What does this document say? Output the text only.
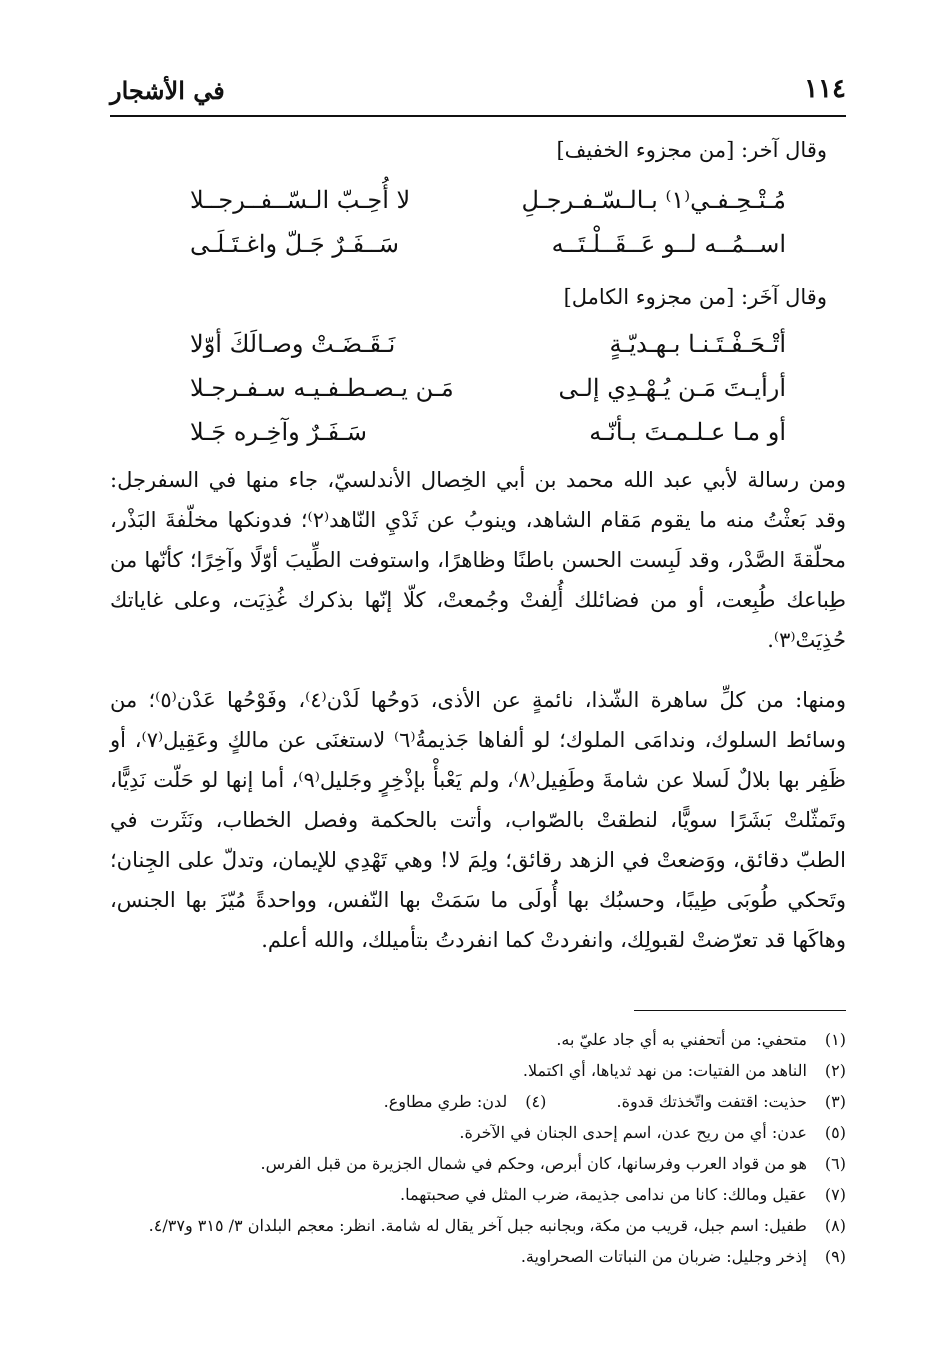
١١٤
في الأشجار
وقال آخر: [من مجزوء الخفيف]
مُـتْـحِـفـي⁽١⁾ بـالـسّـفـرجـلِ
لا أُحِـبّ الـسّــفــرجــلا
اســمُــه لــو عَــقَــلْـتَــه
سَــفَـرٌ جَـلّ واغـتَـلَـى
وقال آخَر: [من مجزوء الكامل]
أتْـحَـفْـتَـنـا بـهـديّـةٍ
نَـقَـضَـتْ وصـالَكَ أوّلا
أرأيـتَ مَـن يُـهْـدِي إلـى
مَـن يـصـطـفـيـه سـفـرجـلا
أو مـا عـلـمـتَ بـأنّـه
سَـفَـرٌ وآخِـره جَـلا

ومن رسالة لأبي عبد الله محمد بن أبي الخِصال الأندلسيّ، جاء منها في السفرجل: وقد بَعثْتُ منه ما يقوم مَقام الشاهد، وينوبُ عن ثَدْيِ النّاهد⁽٢⁾؛ فدونكها مخلّفةَ البَذْر، محلّقةَ الصَّدْر، وقد لَبِست الحسن باطنًا وظاهرًا، واستوفت الطِّيبَ أوّلًا وآخِرًا؛ كأنّها من طِباعك طُبِعت، أو من فضائلك أُلِفتْ وجُمعتْ، كلّا إنّها بذكرك غُذِيَت، وعلى غاياتك حُذِيَتْ⁽٣⁾.

ومنها: من كلِّ ساهرة الشّذا، نائمةٍ عن الأذى، دَوحُها لَدْن⁽٤⁾، وفَوْحُها عَدْن⁽٥⁾؛ من وسائط السلوك، وندامَى الملوك؛ لو ألفاها جَذيمةُ⁽٦⁾ لاستغنَى عن مالكٍ وعَقِيل⁽٧⁾، أو ظَفِر بها بلالٌ لَسلا عن شامةَ وطَفِيل⁽٨⁾، ولم يَعْبأْ بإذْخِرٍ وجَليل⁽٩⁾، أما إنها لو حَلّت نَدِيًّا، وتَمثّلتْ بَشَرًا سويًّا، لنطقتْ بالصّواب، وأتت بالحكمة وفصل الخطاب، ونَثَرت في الطبّ دقائق، ووَضعتْ في الزهد رقائق؛ ولِمَ لا! وهي تَهْدِي للإيمان، وتدلّ على الجِنان؛ وتَحكي طُوبَى طِيبًا، وحسبُك بها أُولَى ما سَمَتْ بها النّفس، وواحدةً مُيّزَ بها الجنس، وهاكَها قد تعرّضتْ لقبولِك، وانفردتْ كما انفردتُ بتأميلك، والله أعلم.

(١) متحفي: من أتحفني به أي جاد عليّ به.
(٢) الناهد من الفتيات: من نهد ثدياها، أي اكتملا.
(٣) حذيت: اقتفت واتّخذتك قدوة.  (٤) لدن: طري مطاوع.
(٥) عدن: أي من ريح عدن، اسم إحدى الجنان في الآخرة.
(٦) هو من قواد العرب وفرسانها، كان أبرص، وحكم في شمال الجزيرة من قبل الفرس.
(٧) عقيل ومالك: كانا من ندامى جذيمة، ضرب المثل في صحبتهما.
(٨) طفيل: اسم جبل، قريب من مكة، وبجانبه جبل آخر يقال له شامة. انظر: معجم البلدان ٣/ ٣١٥ و٤/٣٧.
(٩) إذخر وجليل: ضربان من النباتات الصحراوية.
